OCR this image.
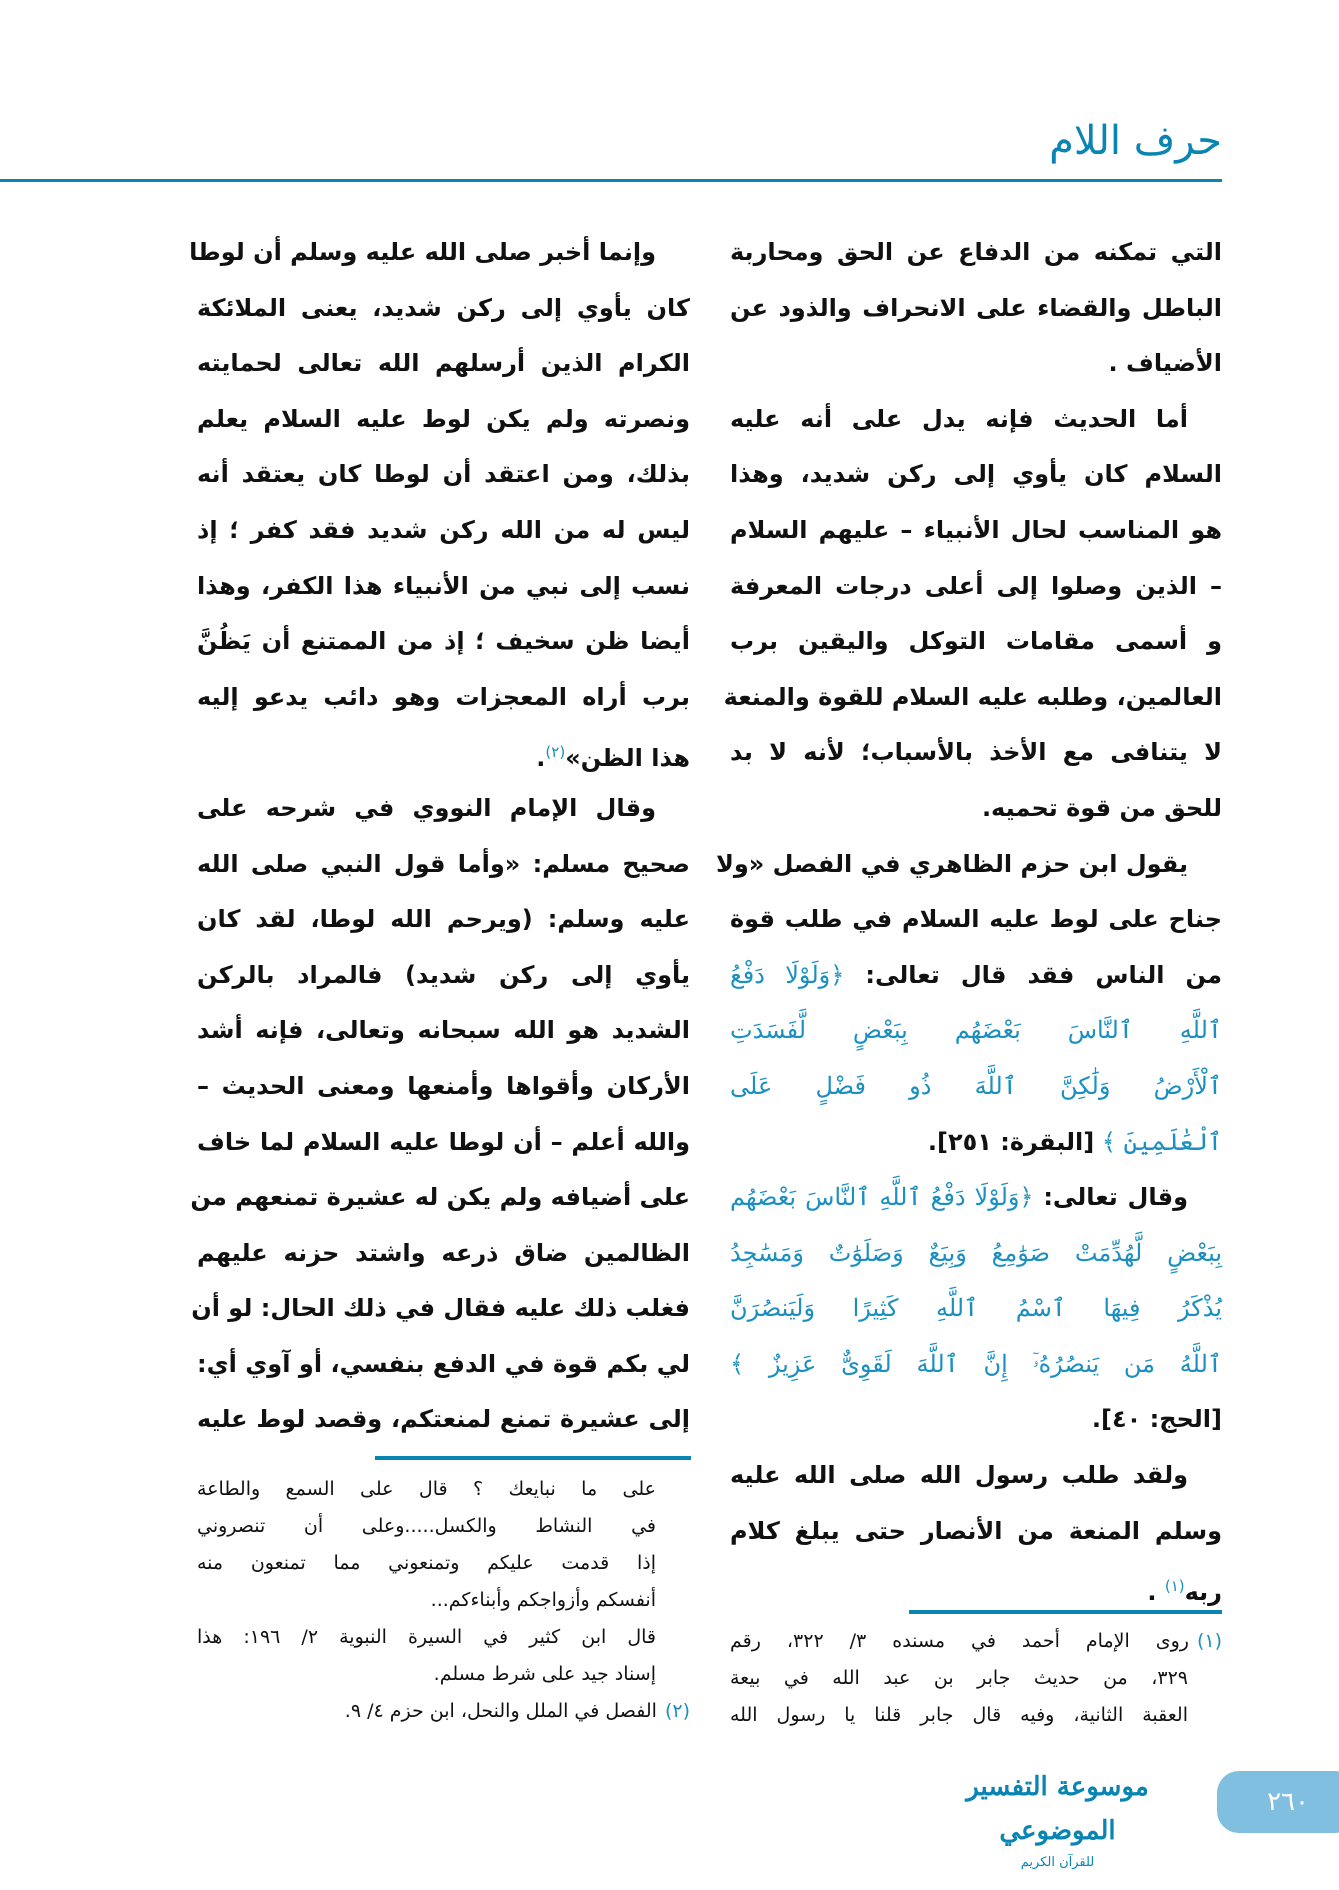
حرف اللام
التي تمكنه من الدفاع عن الحق ومحاربة
الباطل والقضاء على الانحراف والذود عن
الأضياف .
أما الحديث فإنه يدل على أنه عليه
السلام كان يأوي إلى ركن شديد، وهذا
هو المناسب لحال الأنبياء – عليهم السلام
– الذين وصلوا إلى أعلى درجات المعرفة
و أسمى مقامات التوكل واليقين برب
العالمين، وطلبه عليه السلام للقوة والمنعة
لا يتنافى مع الأخذ بالأسباب؛ لأنه لا بد
للحق من قوة تحميه.
يقول ابن حزم الظاهري في الفصل «ولا
جناح على لوط عليه السلام في طلب قوة
من الناس فقد قال تعالى: ﴿وَلَوْلَا دَفْعُ
ٱللَّهِ ٱلنَّاسَ بَعْضَهُم بِبَعْضٍ لَّفَسَدَتِ
ٱلْأَرْضُ وَلَٰكِنَّ ٱللَّهَ ذُو فَضْلٍ عَلَى
ٱلْعَٰلَمِينَ ﴾ [البقرة: ٢٥١].
وقال تعالى: ﴿وَلَوْلَا دَفْعُ ٱللَّهِ ٱلنَّاسَ بَعْضَهُم
بِبَعْضٍ لَّهُدِّمَتْ صَوَٰمِعُ وَبِيَعٌ وَصَلَوَٰتٌ وَمَسَٰجِدُ
يُذْكَرُ فِيهَا ٱسْمُ ٱللَّهِ كَثِيرًا وَلَيَنصُرَنَّ
ٱللَّهُ مَن يَنصُرُهُۥٓ إِنَّ ٱللَّهَ لَقَوِىٌّ عَزِيزٌ ﴾
[الحج: ٤٠].
ولقد طلب رسول الله صلى الله عليه
وسلم المنعة من الأنصار حتى يبلغ كلام
ربه$^{(١)}$ .
وإنما أخبر صلى الله عليه وسلم أن لوطا
كان يأوي إلى ركن شديد، يعنى الملائكة
الكرام الذين أرسلهم الله تعالى لحمايته
ونصرته ولم يكن لوط عليه السلام يعلم
بذلك، ومن اعتقد أن لوطا كان يعتقد أنه
ليس له من الله ركن شديد فقد كفر ؛ إذ
نسب إلى نبي من الأنبياء هذا الكفر، وهذا
أيضا ظن سخيف ؛ إذ من الممتنع أن يَظُنَّ
برب أراه المعجزات وهو دائب يدعو إليه
هذا الظن»$^{(٢)}$.
وقال الإمام النووي في شرحه على
صحيح مسلم: «وأما قول النبي صلى الله
عليه وسلم: (ويرحم الله لوطا، لقد كان
يأوي إلى ركن شديد) فالمراد بالركن
الشديد هو الله سبحانه وتعالى، فإنه أشد
الأركان وأقواها وأمنعها ومعنى الحديث –
والله أعلم – أن لوطا عليه السلام لما خاف
على أضيافه ولم يكن له عشيرة تمنعهم من
الظالمين ضاق ذرعه واشتد حزنه عليهم
فغلب ذلك عليه فقال في ذلك الحال: لو أن
لي بكم قوة في الدفع بنفسي، أو آوي أي:
إلى عشيرة تمنع لمنعتكم، وقصد لوط عليه
(١)روى الإمام أحمد في مسنده ٣/ ٣٢٢، رقم
٣٢٩، من حديث جابر بن عبد الله في بيعة
العقبة الثانية، وفيه قال جابر قلنا يا رسول الله
على ما نبايعك ؟ قال على السمع والطاعة
في النشاط والكسل.....وعلى أن تنصروني
إذا قدمت عليكم وتمنعوني مما تمنعون منه
أنفسكم وأزواجكم وأبناءكم...
قال ابن كثير في السيرة النبوية ٢/ ١٩٦: هذا
إسناد جيد على شرط مسلم.
(٢)الفصل في الملل والنحل، ابن حزم ٤/ ٩.
موسوعة التفسير الموضوعي
للقرآن الكريم
٢٦٠
